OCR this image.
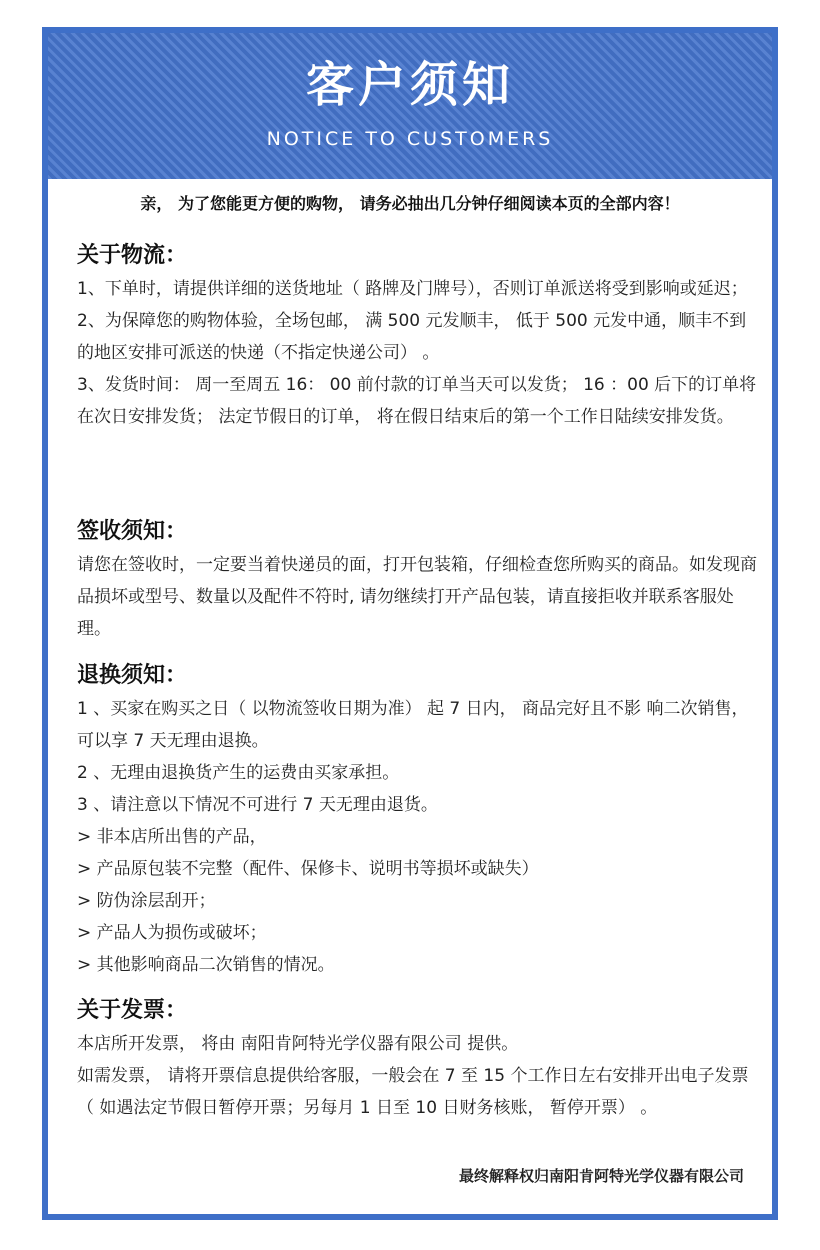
客户须知
NOTICE TO CUSTOMERS
亲， 为了您能更方便的购物， 请务必抽出几分钟仔细阅读本页的全部内容！
关于物流：
1、下单时，请提供详细的送货地址（ 路牌及门牌号），否则订单派送将受到影响或延迟；
2、为保障您的购物体验，全场包邮， 满 500 元发顺丰， 低于 500 元发中通，顺丰不到的地区安排可派送的快递（不指定快递公司） 。
3、发货时间： 周一至周五 16： 00 前付款的订单当天可以发货； 16 ：00 后下的订单将在次日安排发货； 法定节假日的订单， 将在假日结束后的第一个工作日陆续安排发货。
签收须知：
请您在签收时，一定要当着快递员的面，打开包装箱，仔细检查您所购买的商品。如发现商品损坏或型号、数量以及配件不符时, 请勿继续打开产品包装，请直接拒收并联系客服处理。
退换须知：
1 、买家在购买之日（ 以物流签收日期为准） 起 7 日内， 商品完好且不影 响二次销售， 可以享 7 天无理由退换。
2 、无理由退换货产生的运费由买家承担。
3 、请注意以下情况不可进行 7 天无理由退货。
> 非本店所出售的产品，
> 产品原包装不完整（配件、保修卡、说明书等损坏或缺失）
> 防伪涂层刮开；
> 产品人为损伤或破坏；
> 其他影响商品二次销售的情况。
关于发票：
本店所开发票， 将由 南阳肯阿特光学仪器有限公司 提供。
如需发票， 请将开票信息提供给客服，一般会在 7 至 15 个工作日左右安排开出电子发票（ 如遇法定节假日暂停开票；另每月 1 日至 10 日财务核账， 暂停开票） 。
最终解释权归南阳肯阿特光学仪器有限公司
